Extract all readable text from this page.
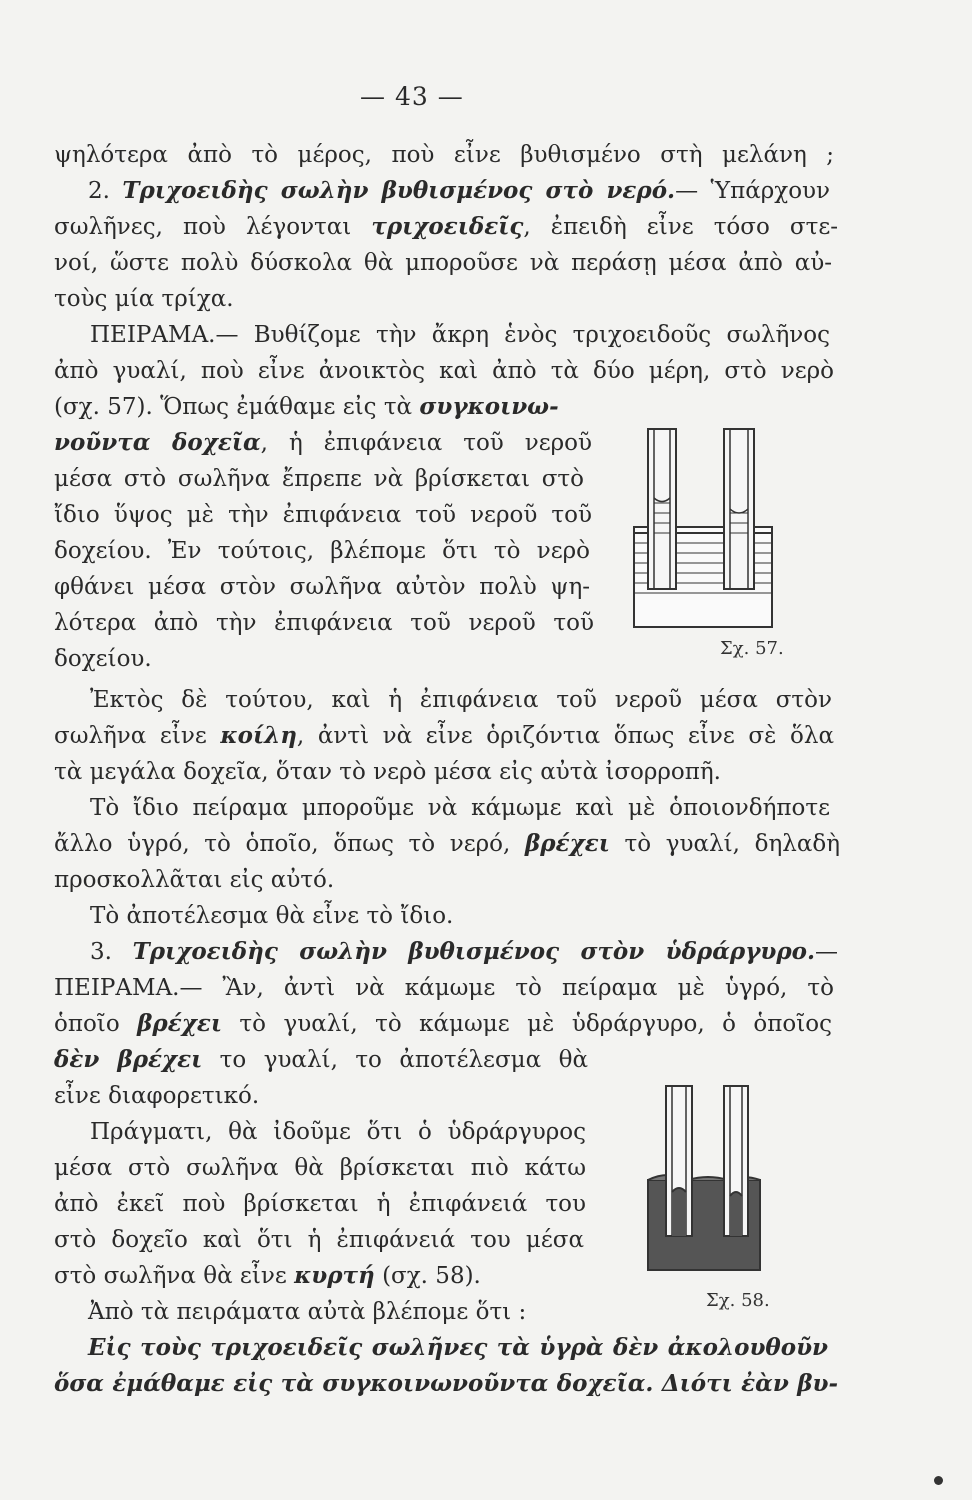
— 43 —
ψηλότερα ἀπὸ τὸ μέρος, ποὺ εἶνε βυθισμένο στὴ μελάνη ;
2. Τριχοειδὴς σωλὴν βυθισμένος στὸ νερό.— Ὑπάρχουν
σωλῆνες, ποὺ λέγονται τριχοειδεῖς, ἐπειδὴ εἶνε τόσο στε-
νοί, ὥστε πολὺ δύσκολα θὰ μποροῦσε νὰ περάσῃ μέσα ἀπὸ αὐ-
τοὺς μία τρίχα.
ΠΕΙΡΑΜΑ.— Βυθίζομε τὴν ἄκρη ἑνὸς τριχοειδοῦς σωλῆνος
ἀπὸ γυαλί, ποὺ εἶνε ἀνοικτὸς καὶ ἀπὸ τὰ δύο μέρη, στὸ νερὸ
(σχ. 57). Ὅπως ἐμάθαμε εἰς τὰ συγκοινω-
νοῦντα δοχεῖα, ἡ ἐπιφάνεια τοῦ νεροῦ
μέσα στὸ σωλῆνα ἔπρεπε νὰ βρίσκεται στὸ
ἴδιο ὕψος μὲ τὴν ἐπιφάνεια τοῦ νεροῦ τοῦ
δοχείου. Ἐν τούτοις, βλέπομε ὅτι τὸ νερὸ
φθάνει μέσα στὸν σωλῆνα αὐτὸν πολὺ ψη-
λότερα ἀπὸ τὴν ἐπιφάνεια τοῦ νεροῦ τοῦ
δοχείου.
Ἐκτὸς δὲ τούτου, καὶ ἡ ἐπιφάνεια τοῦ νεροῦ μέσα στὸν
σωλῆνα εἶνε κοίλη, ἀντὶ νὰ εἶνε ὁριζόντια ὅπως εἶνε σὲ ὅλα
τὰ μεγάλα δοχεῖα, ὅταν τὸ νερὸ μέσα εἰς αὐτὰ ἰσορροπῆ.
Τὸ ἴδιο πείραμα μποροῦμε νὰ κάμωμε καὶ μὲ ὁποιονδήποτε
ἄλλο ὑγρό, τὸ ὁποῖο, ὅπως τὸ νερό, βρέχει τὸ γυαλί, δηλαδὴ
προσκολλᾶται εἰς αὐτό.
Τὸ ἀποτέλεσμα θὰ εἶνε τὸ ἴδιο.
3. Τριχοειδὴς σωλὴν βυθισμένος στὸν ὑδράργυρο.—
ΠΕΙΡΑΜΑ.— Ἂν, ἀντὶ νὰ κάμωμε τὸ πείραμα μὲ ὑγρό, τὸ
ὁποῖο βρέχει τὸ γυαλί, τὸ κάμωμε μὲ ὑδράργυρο, ὁ ὁποῖος
δὲν βρέχει το γυαλί, το ἀποτέλεσμα θὰ
εἶνε διαφορετικό.
Πράγματι, θὰ ἰδοῦμε ὅτι ὁ ὑδράργυρος
μέσα στὸ σωλῆνα θὰ βρίσκεται πιὸ κάτω
ἀπὸ ἐκεῖ ποὺ βρίσκεται ἡ ἐπιφάνειά του
στὸ δοχεῖο καὶ ὅτι ἡ ἐπιφάνειά του μέσα
στὸ σωλῆνα θὰ εἶνε κυρτή (σχ. 58).
Ἀπὸ τὰ πειράματα αὐτὰ βλέπομε ὅτι :
Εἰς τοὺς τριχοειδεῖς σωλῆνες τὰ ὑγρὰ δὲν ἀκολουθοῦν
ὅσα ἐμάθαμε εἰς τὰ συγκοινωνοῦντα δοχεῖα. Διότι ἐὰν βυ-
Σχ. 57.
Σχ. 58.
